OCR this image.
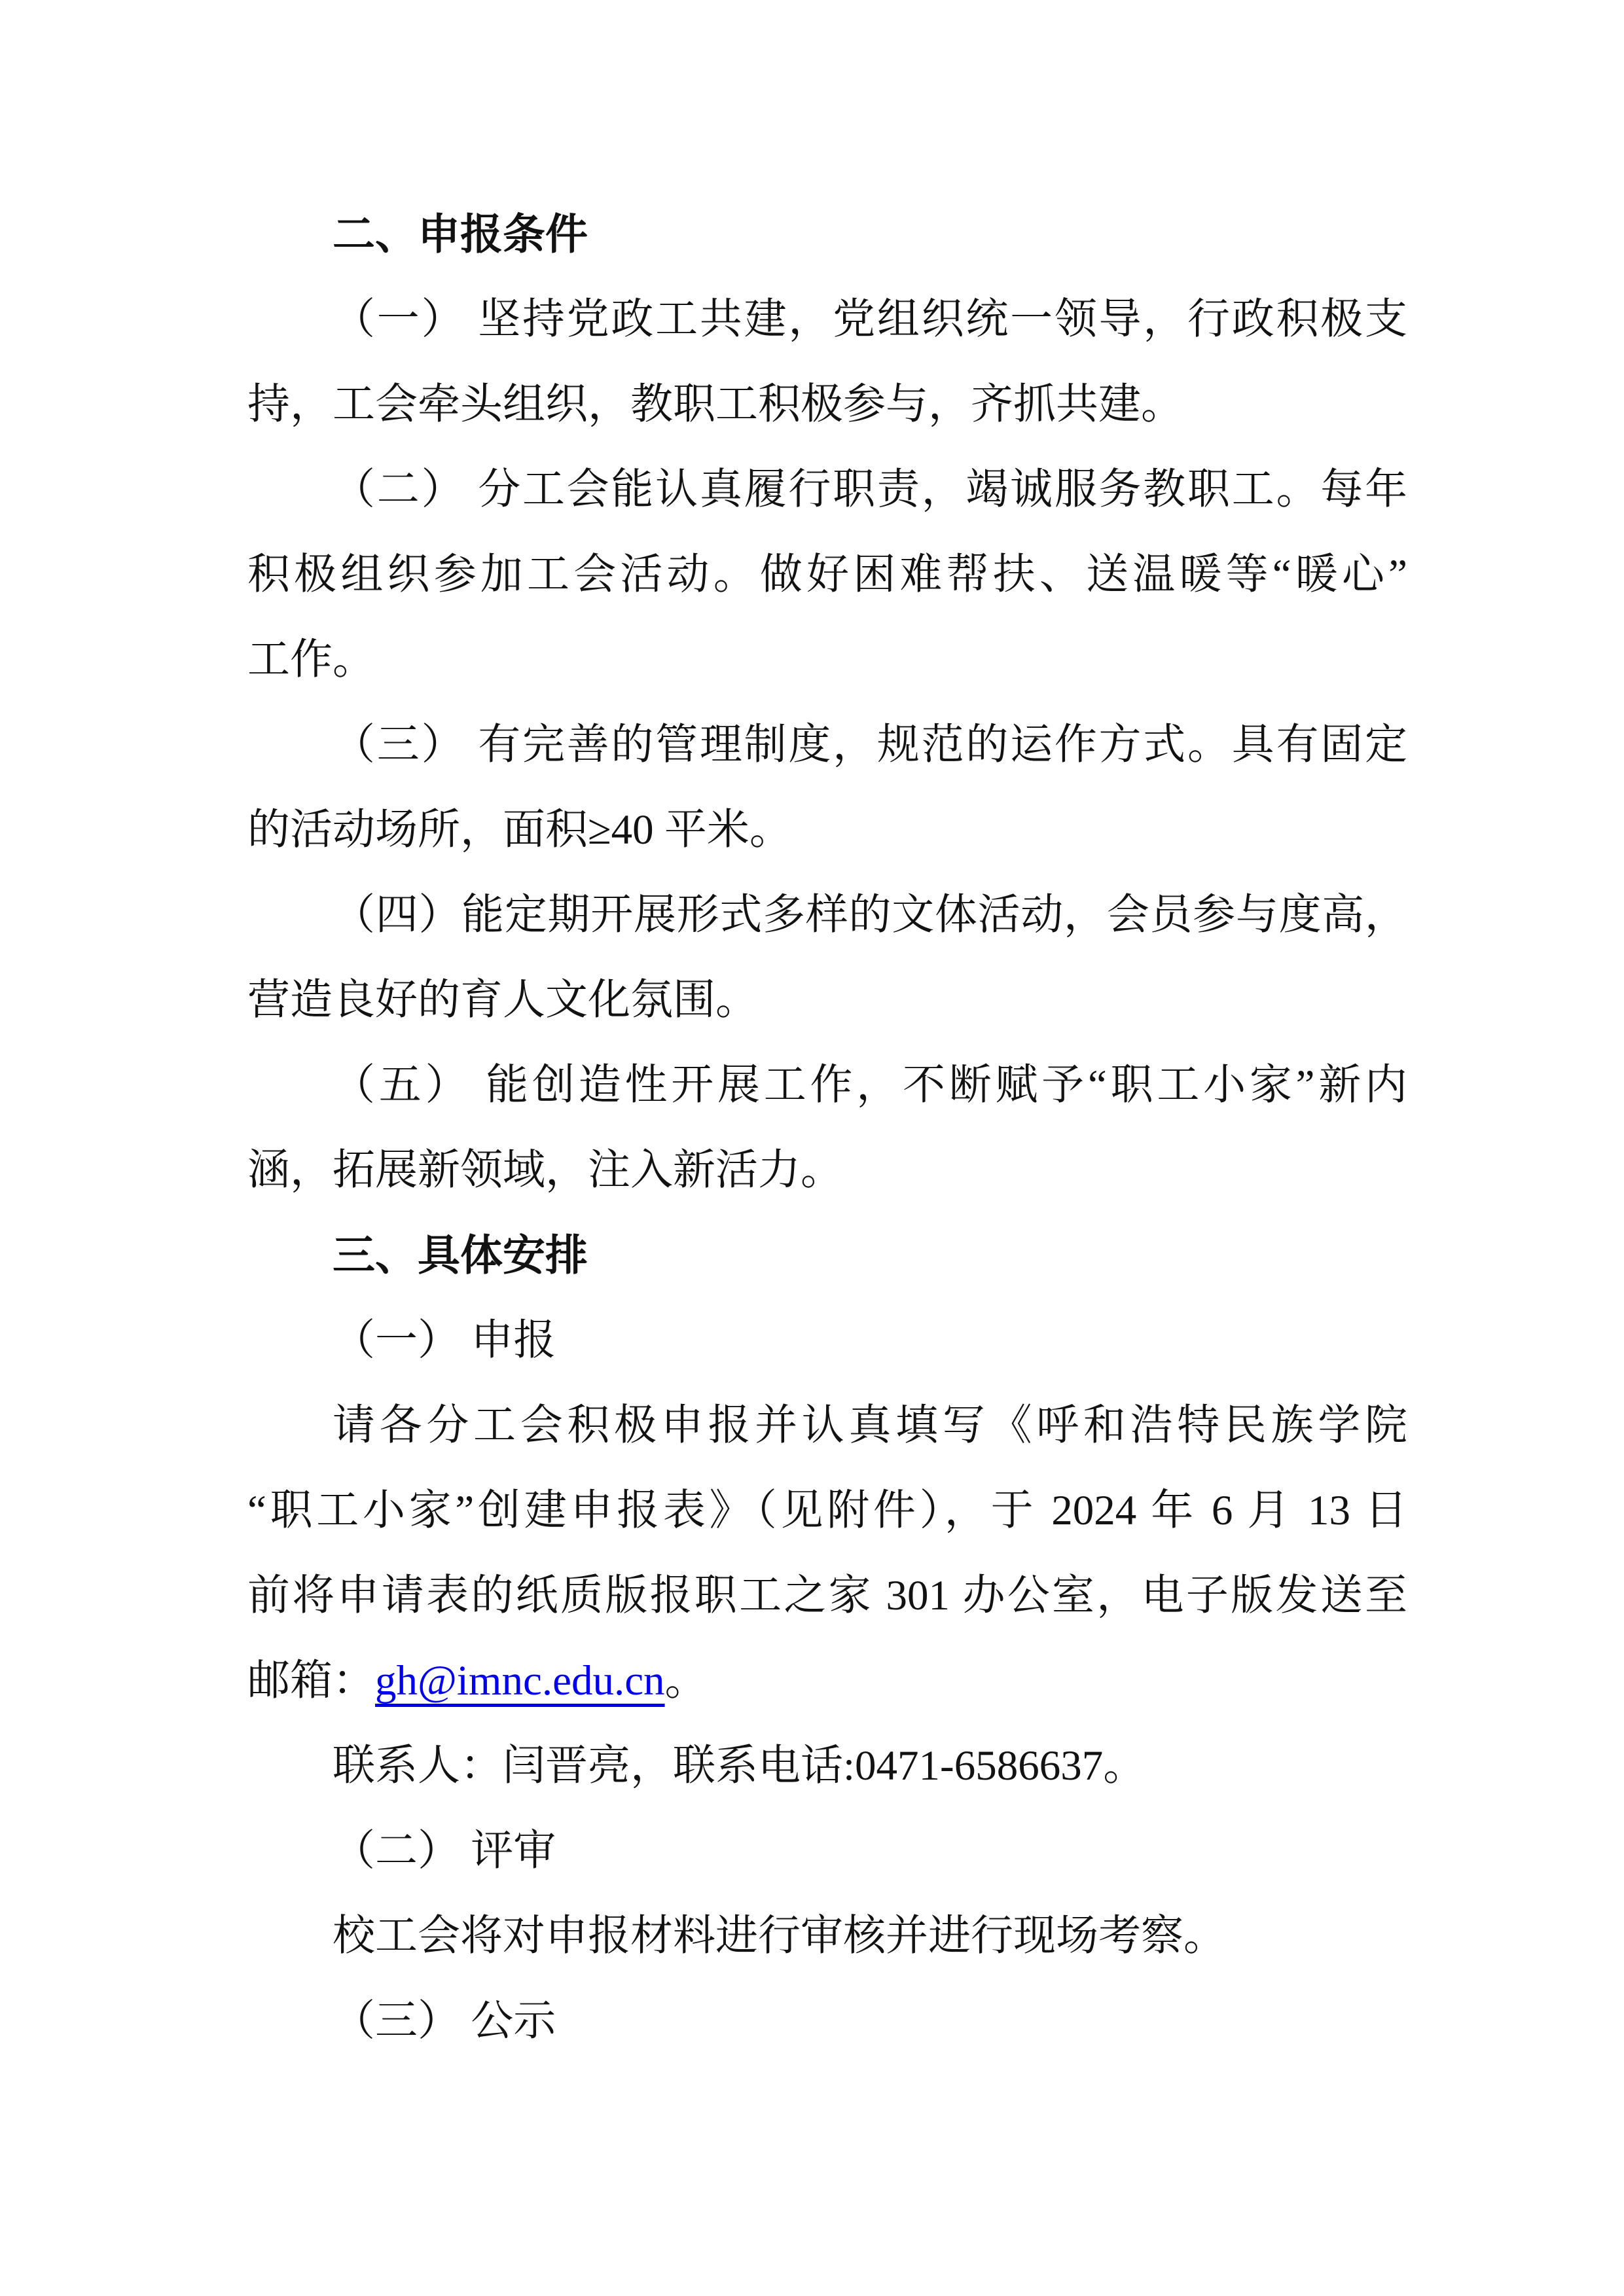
二、申报条件
（一） 坚持党政工共建，党组织统一领导，行政积极支
持，工会牵头组织，教职工积极参与，齐抓共建。
（二） 分工会能认真履行职责，竭诚服务教职工。每年
积极组织参加工会活动。做好困难帮扶、送温暖等“暖心”
工作。
（三） 有完善的管理制度，规范的运作方式。具有固定
的活动场所，面积≥40 平米。
（四）能定期开展形式多样的文体活动，会员参与度高，
营造良好的育人文化氛围。
（五） 能创造性开展工作，不断赋予“职工小家”新内
涵，拓展新领域，注入新活力。
三、具体安排
（一） 申报
请各分工会积极申报并认真填写《呼和浩特民族学院
“职工小家”创建申报表》（见附件），于 2024 年 6 月 13 日
前将申请表的纸质版报职工之家 301 办公室，电子版发送至
邮箱：gh@imnc.edu.cn。
联系人：闫晋亮，联系电话:0471-6586637。
（二） 评审
校工会将对申报材料进行审核并进行现场考察。
（三） 公示
